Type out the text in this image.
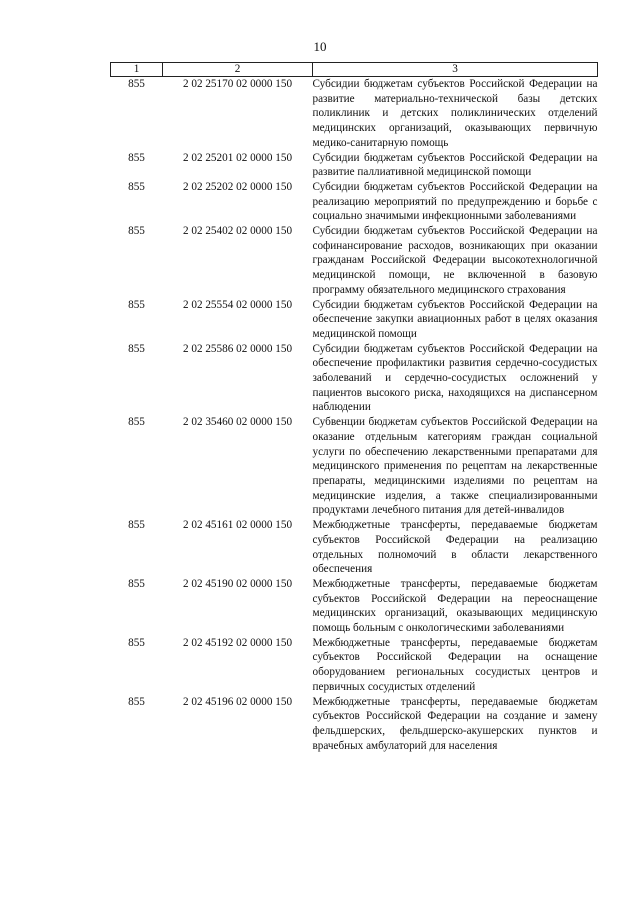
10
1	2	3
855	2 02 25170 02 0000 150	Субсидии бюджетам субъектов Российской Федерации на развитие материально-технической базы детских поликлиник и детских поликлинических отделений медицинских организаций, оказывающих первичную медико-санитарную помощь
855	2 02 25201 02 0000 150	Субсидии бюджетам субъектов Российской Федерации на развитие паллиативной медицинской помощи
855	2 02 25202 02 0000 150	Субсидии бюджетам субъектов Российской Федерации на реализацию мероприятий по предупреждению и борьбе с социально значимыми инфекционными заболеваниями
855	2 02 25402 02 0000 150	Субсидии бюджетам субъектов Российской Федерации на софинансирование расходов, возникающих при оказании гражданам Российской Федерации высокотехнологичной медицинской помощи, не включенной в базовую программу обязательного медицинского страхования
855	2 02 25554 02 0000 150	Субсидии бюджетам субъектов Российской Федерации на обеспечение закупки авиационных работ в целях оказания медицинской помощи
855	2 02 25586 02 0000 150	Субсидии бюджетам субъектов Российской Федерации на обеспечение профилактики развития сердечно-сосудистых заболеваний и сердечно-сосудистых осложнений у пациентов высокого риска, находящихся на диспансерном наблюдении
855	2 02 35460 02 0000 150	Субвенции бюджетам субъектов Российской Федерации на оказание отдельным категориям граждан социальной услуги по обеспечению лекарственными препаратами для медицинского применения по рецептам на лекарственные препараты, медицинскими изделиями по рецептам на медицинские изделия, а также специализированными продуктами лечебного питания для детей-инвалидов
855	2 02 45161 02 0000 150	Межбюджетные трансферты, передаваемые бюджетам субъектов Российской Федерации на реализацию отдельных полномочий в области лекарственного обеспечения
855	2 02 45190 02 0000 150	Межбюджетные трансферты, передаваемые бюджетам субъектов Российской Федерации на переоснащение медицинских организаций, оказывающих медицинскую помощь больным с онкологическими заболеваниями
855	2 02 45192 02 0000 150	Межбюджетные трансферты, передаваемые бюджетам субъектов Российской Федерации на оснащение оборудованием региональных сосудистых центров и первичных сосудистых отделений
855	2 02 45196 02 0000 150	Межбюджетные трансферты, передаваемые бюджетам субъектов Российской Федерации на создание и замену фельдшерских, фельдшерско-акушерских пунктов и врачебных амбулаторий для населения
